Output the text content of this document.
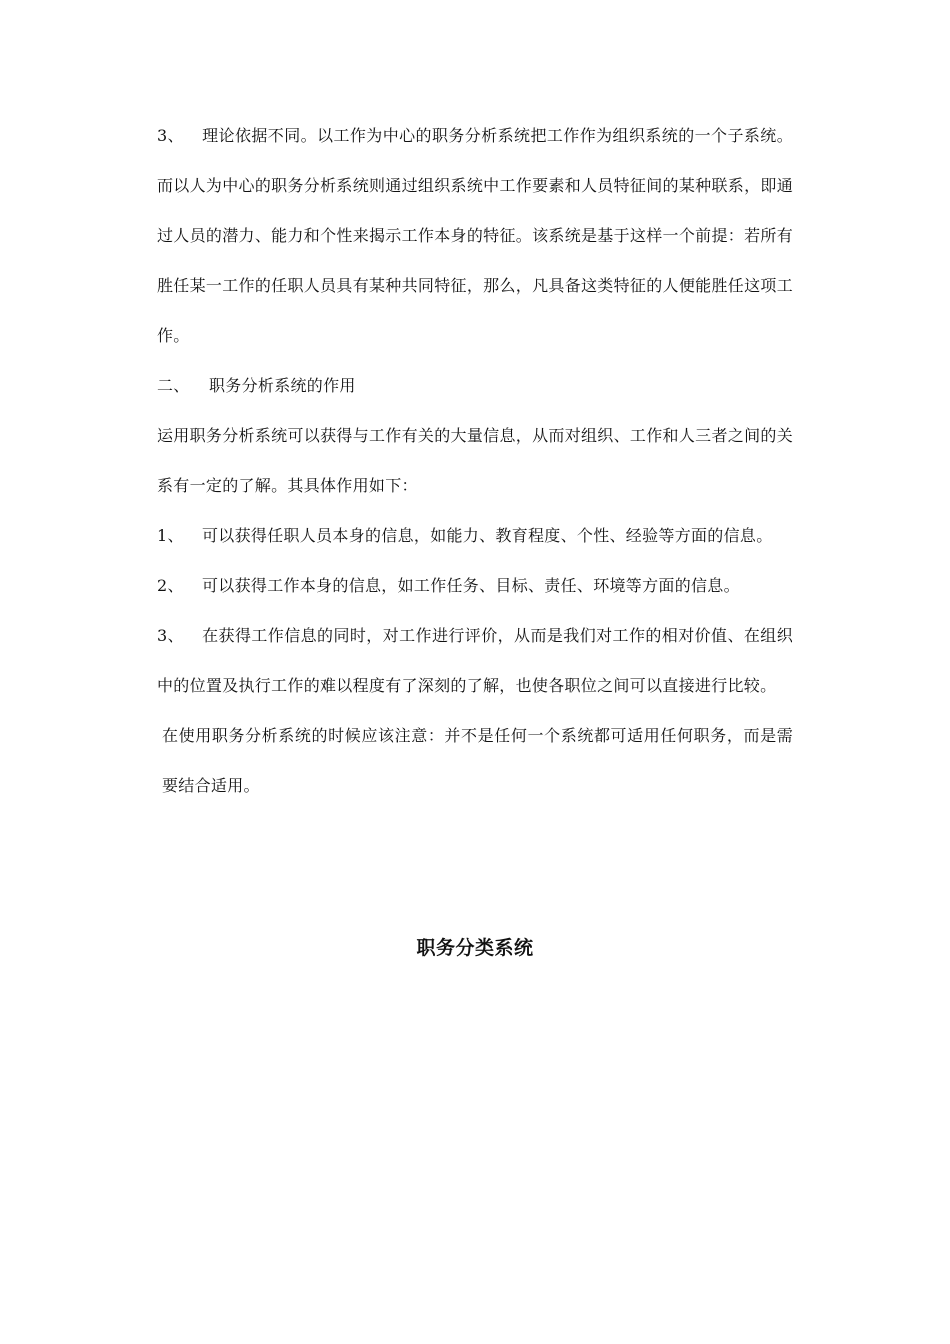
3、 理论依据不同。以工作为中心的职务分析系统把工作作为组织系统的一个子系统。而以人为中心的职务分析系统则通过组织系统中工作要素和人员特征间的某种联系，即通过人员的潜力、能力和个性来揭示工作本身的特征。该系统是基于这样一个前提：若所有胜任某一工作的任职人员具有某种共同特征，那么，凡具备这类特征的人便能胜任这项工作。

二、 职务分析系统的作用

运用职务分析系统可以获得与工作有关的大量信息，从而对组织、工作和人三者之间的关系有一定的了解。其具体作用如下：

1、 可以获得任职人员本身的信息，如能力、教育程度、个性、经验等方面的信息。

2、 可以获得工作本身的信息，如工作任务、目标、责任、环境等方面的信息。

3、 在获得工作信息的同时，对工作进行评价，从而是我们对工作的相对价值、在组织中的位置及执行工作的难以程度有了深刻的了解，也使各职位之间可以直接进行比较。

在使用职务分析系统的时候应该注意：并不是任何一个系统都可适用任何职务，而是需要结合适用。

职务分类系统
